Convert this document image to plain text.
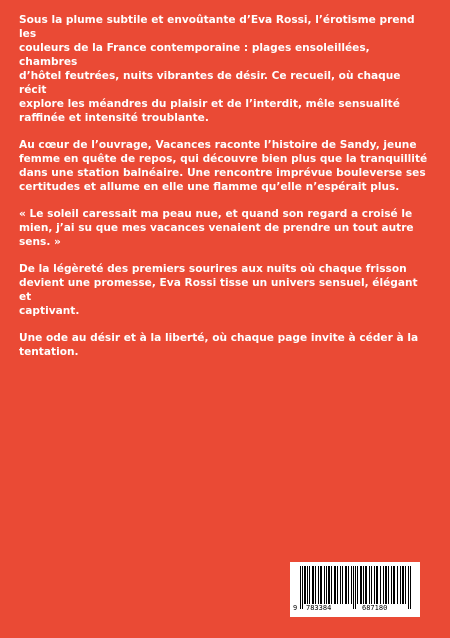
Sous la plume subtile et envoûtante d’Eva Rossi, l’érotisme prend les
couleurs de la France contemporaine : plages ensoleillées, chambres
d’hôtel feutrées, nuits vibrantes de désir. Ce recueil, où chaque récit
explore les méandres du plaisir et de l’interdit, mêle sensualité
raffinée et intensité troublante.

Au cœur de l’ouvrage, Vacances raconte l’histoire de Sandy, jeune
femme en quête de repos, qui découvre bien plus que la tranquillité
dans une station balnéaire. Une rencontre imprévue bouleverse ses
certitudes et allume en elle une flamme qu’elle n’espérait plus.

« Le soleil caressait ma peau nue, et quand son regard a croisé le
mien, j’ai su que mes vacances venaient de prendre un tout autre
sens. »

De la légèreté des premiers sourires aux nuits où chaque frisson
devient une promesse, Eva Rossi tisse un univers sensuel, élégant et
captivant.

Une ode au désir et à la liberté, où chaque page invite à céder à la
tentation.

9 783384	687180
